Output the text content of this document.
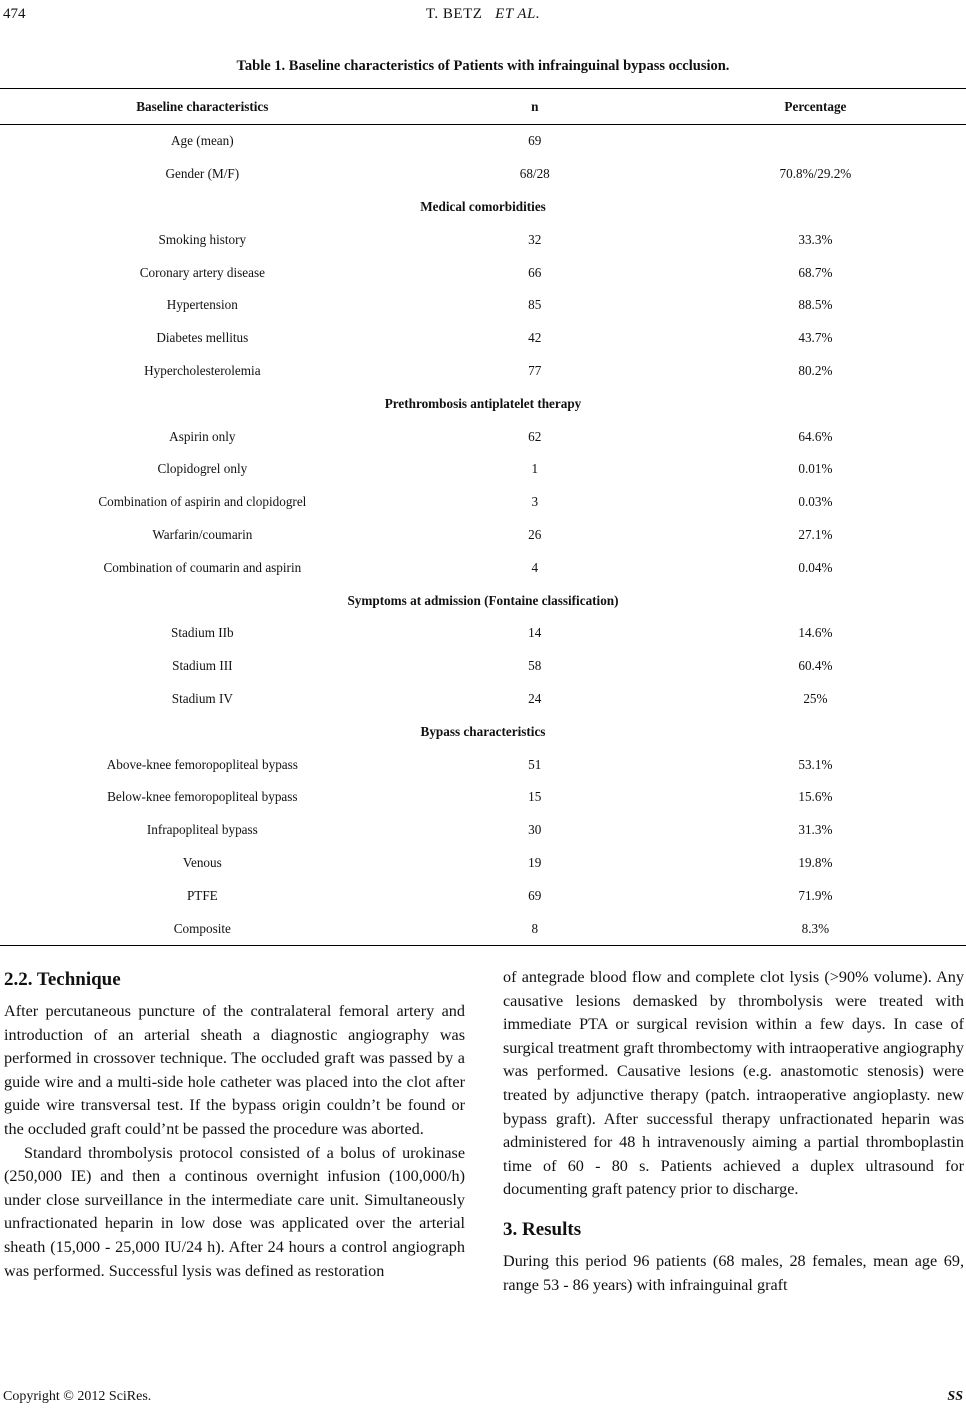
474	T. BETZ ET AL.
Table 1. Baseline characteristics of Patients with infrainguinal bypass occlusion.
Baseline characteristics	n	Percentage
Age (mean)	69	
Gender (M/F)	68/28	70.8%/29.2%
Medical comorbidities		
Smoking history	32	33.3%
Coronary artery disease	66	68.7%
Hypertension	85	88.5%
Diabetes mellitus	42	43.7%
Hypercholesterolemia	77	80.2%
Prethrombosis antiplatelet therapy		
Aspirin only	62	64.6%
Clopidogrel only	1	0.01%
Combination of aspirin and clopidogrel	3	0.03%
Warfarin/coumarin	26	27.1%
Combination of coumarin and aspirin	4	0.04%
Symptoms at admission (Fontaine classification)		
Stadium IIb	14	14.6%
Stadium III	58	60.4%
Stadium IV	24	25%
Bypass characteristics		
Above-knee femoropopliteal bypass	51	53.1%
Below-knee femoropopliteal bypass	15	15.6%
Infrapopliteal bypass	30	31.3%
Venous	19	19.8%
PTFE	69	71.9%
Composite	8	8.3%
2.2. Technique

After percutaneous puncture of the contralateral femoral artery and introduction of an arterial sheath a diagnostic angiography was performed in crossover technique. The occluded graft was passed by a guide wire and a multi-side hole catheter was placed into the clot after guide wire transversal test. If the bypass origin couldn’t be found or the occluded graft could’nt be passed the procedure was aborted.

Standard thrombolysis protocol consisted of a bolus of urokinase (250,000 IE) and then a continous overnight infusion (100,000/h) under close surveillance in the intermediate care unit. Simultaneously unfractionated heparin in low dose was applicated over the arterial sheath (15,000 - 25,000 IU/24 h). After 24 hours a control angiograph was performed. Successful lysis was defined as restoration

of antegrade blood flow and complete clot lysis (>90% volume). Any causative lesions demasked by thrombolysis were treated with immediate PTA or surgical revision within a few days. In case of surgical treatment graft thrombectomy with intraoperative angiography was performed. Causative lesions (e.g. anastomotic stenosis) were treated by adjunctive therapy (patch. intraoperative angioplasty. new bypass graft). After successful therapy unfractionated heparin was administered for 48 h intravenously aiming a partial thromboplastin time of 60 - 80 s. Patients achieved a duplex ultrasound for documenting graft patency prior to discharge.

3. Results

During this period 96 patients (68 males, 28 females, mean age 69, range 53 - 86 years) with infrainguinal graft

Copyright © 2012 SciRes.	SS
